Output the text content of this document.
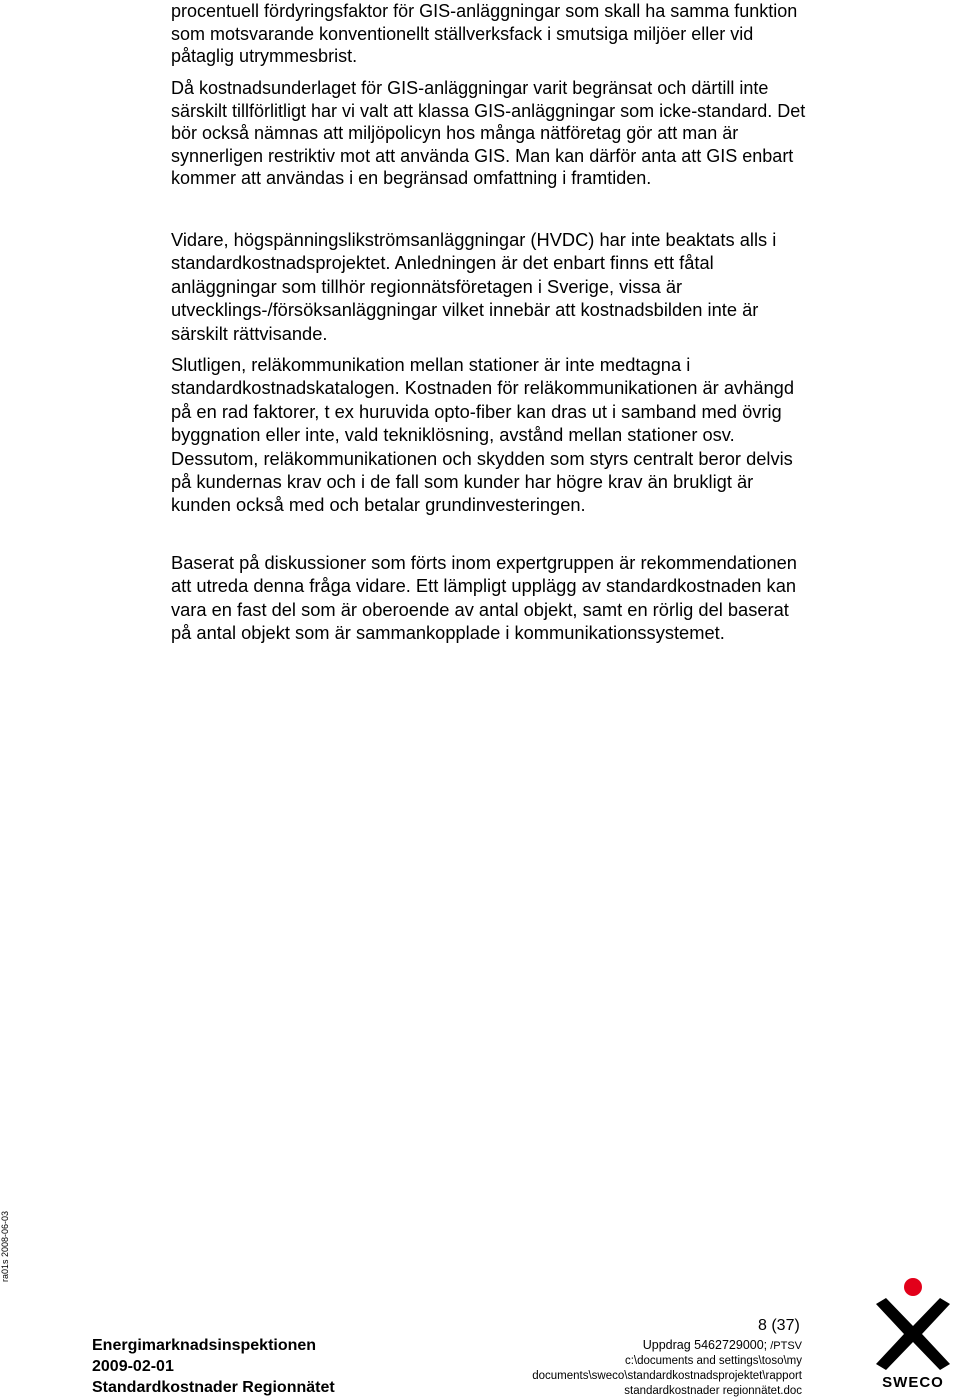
procentuell fördyringsfaktor för GIS-anläggningar som skall ha samma funktion som motsvarande konventionellt ställverksfack i smutsiga miljöer eller vid påtaglig utrymmesbrist.

Då kostnadsunderlaget för GIS-anläggningar varit begränsat och därtill inte särskilt tillförlitligt har vi valt att klassa GIS-anläggningar som icke-standard. Det bör också nämnas att miljöpolicyn hos många nätföretag gör att man är synnerligen restriktiv mot att använda GIS. Man kan därför anta att GIS enbart kommer att användas i en begränsad omfattning i framtiden.

Vidare, högspänningslikströmsanläggningar (HVDC) har inte beaktats alls i standardkostnadsprojektet. Anledningen är det enbart finns ett fåtal anläggningar som tillhör regionnätsföretagen i Sverige, vissa är utvecklings-/försöksanläggningar vilket innebär att kostnadsbilden inte är särskilt rättvisande.

Slutligen, reläkommunikation mellan stationer är inte medtagna i standardkostnadskatalogen. Kostnaden för reläkommunikationen är avhängd på en rad faktorer, t ex huruvida opto-fiber kan dras ut i samband med övrig byggnation eller inte, vald tekniklösning, avstånd mellan stationer osv. Dessutom, reläkommunikationen och skydden som styrs centralt beror delvis på kundernas krav och i de fall som kunder har högre krav än brukligt är kunden också med och betalar grundinvesteringen.

Baserat på diskussioner som förts inom expertgruppen är rekommendationen att utreda denna fråga vidare. Ett lämpligt upplägg av standardkostnaden kan vara en fast del som är oberoende av antal objekt, samt en rörlig del baserat på antal objekt som är sammankopplade i kommunikationssystemet.

ra01s 2008-06-03
8 (37)
Energimarknadsinspektionen
2009-02-01
Standardkostnader Regionnätet
Uppdrag 5462729000; /PTSV
c:\documents and settings\toso\my
documents\sweco\standardkostnadsprojektet\rapport
standardkostnader regionnätet.doc	SWECO
